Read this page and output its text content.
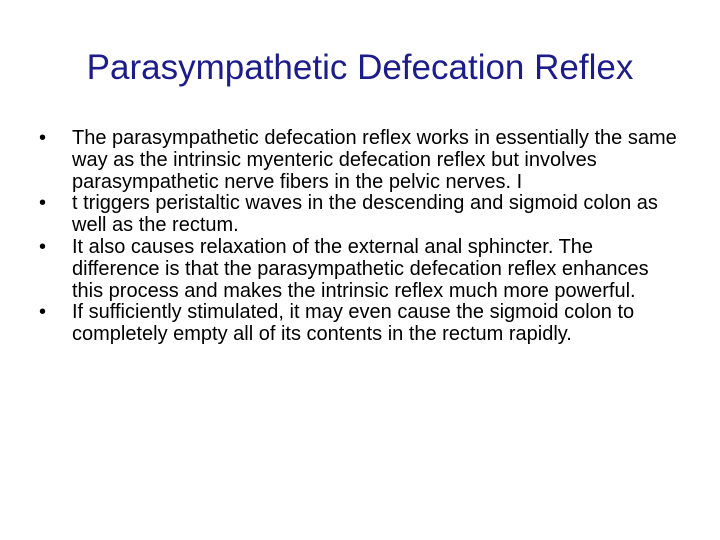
Parasympathetic Defecation Reflex
•	The parasympathetic defecation reflex works in essentially the same way as the intrinsic myenteric defecation reflex but involves parasympathetic nerve fibers in the pelvic nerves. I
•	t triggers peristaltic waves in the descending and sigmoid colon as well as the rectum.
•	It also causes relaxation of the external anal sphincter. The difference is that the parasympathetic defecation reflex enhances this process and makes the intrinsic reflex much more powerful.
•	If sufficiently stimulated, it may even cause the sigmoid colon to completely empty all of its contents in the rectum rapidly.
